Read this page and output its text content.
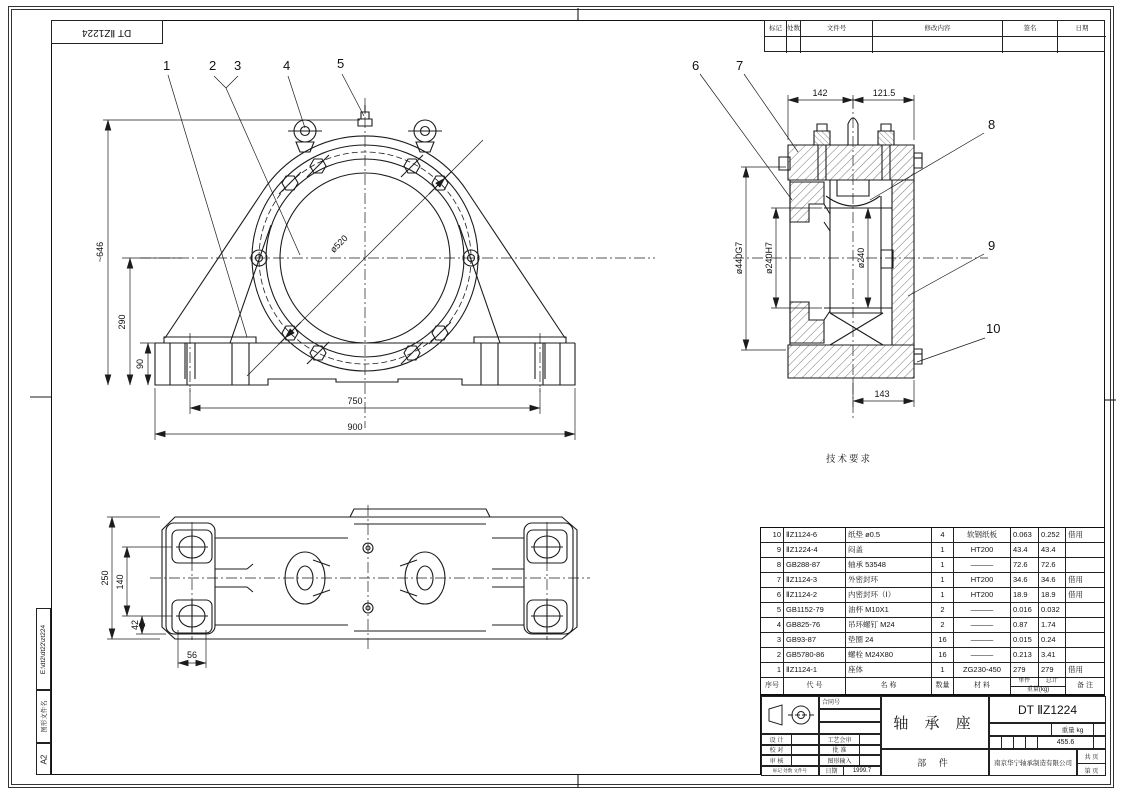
ø520
~646
290
90
750
900
1	2 3	4	5
142	121.5
ø440G7 ø240H7	ø240
143
6	7
8
9
10
技术要求
250 140
42
56
DT ⅡZ1224
E:\dt2\dt22\zt224
图形文件名
A2
标记 处数	文件号	修改内容	签名	日期
10 ⅡZ1124-6	纸垫 ø0.5	4	软钢纸板	0.063	0.252	借用
9 ⅡZ1224-4	闷盖	1	HT200	43.4	43.4
8 GB288-87	轴承 53548	1	———	72.6	72.6
7 ⅡZ1124-3	外密封环	1	HT200	34.6	34.6	借用
6 ⅡZ1124-2	内密封环（Ⅰ）	1	HT200	18.9	18.9	借用
5 GB1152-79	油杯 M10X1	2	———	0.016	0.032
4 GB825-76	吊环螺钉 M24	2	———	0.87	1.74
3 GB93-87	垫圈 24	16	———	0.015	0.24
2 GB5780-86	螺栓 M24X80	16	———	0.213	3.41
1 ⅡZ1124-1	座体	1	ZG230-450	279	279	借用
序号	代 号	名 称	数量	材 料
单件	总计
重量(kg)
备 注
设 计
校 对
审 核
标记 处数 文件号
合同号
工艺会审
批 准
图形输入
日期	1999.7
轴 承 座
部 件
DT ⅡZ1224
重量 kg
455.6
南京华宁轴承制造有限公司
共 页
第 页
